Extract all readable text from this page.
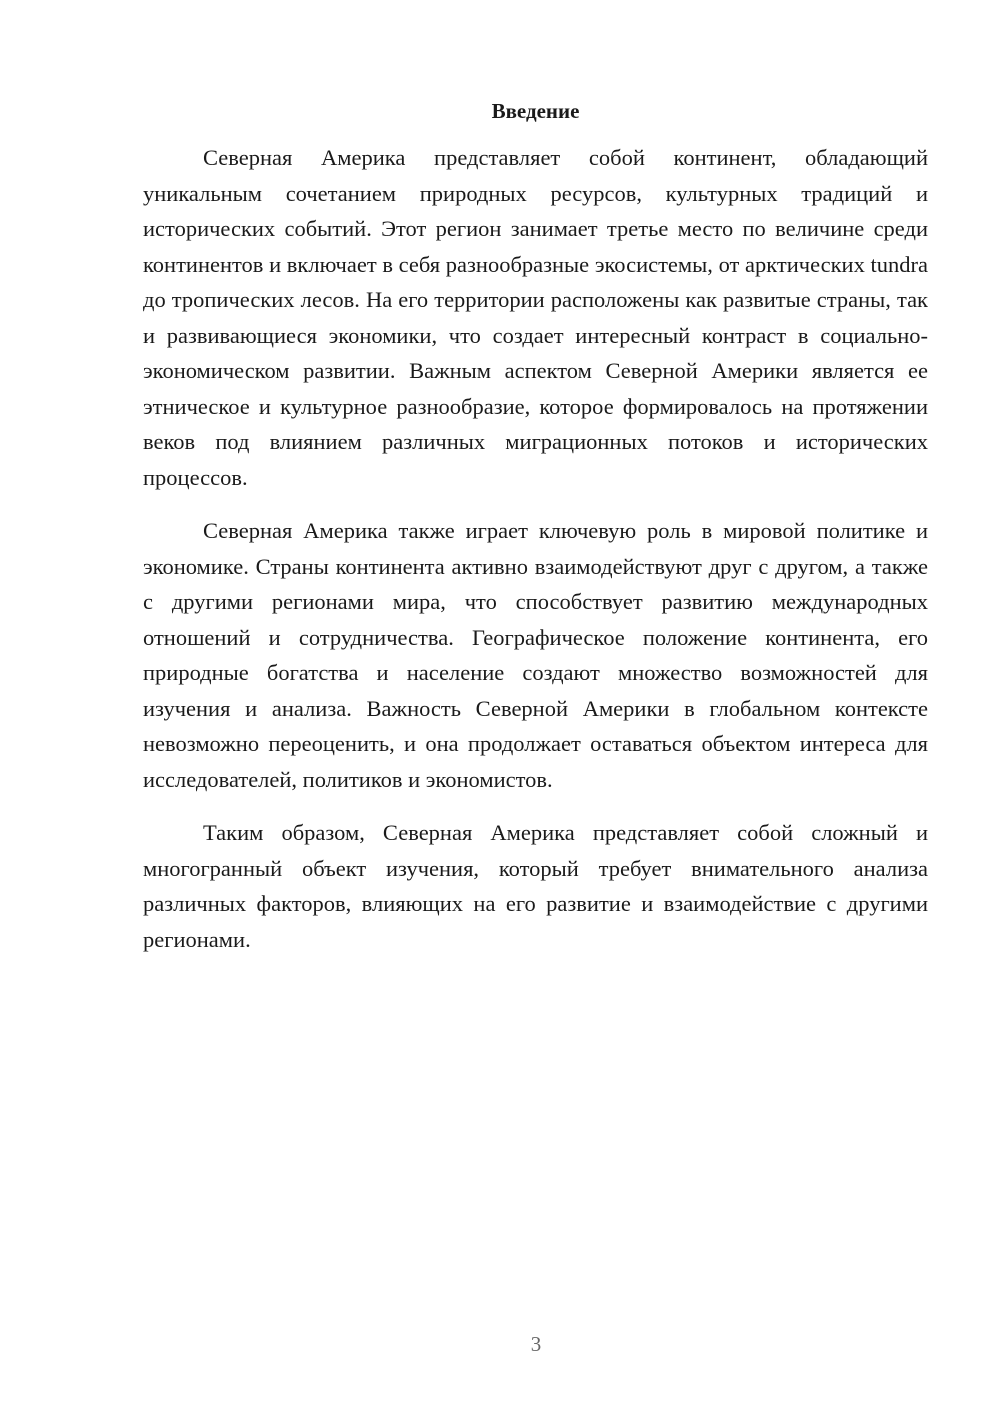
Введение

Северная Америка представляет собой континент, обладающий уникальным сочетанием природных ресурсов, культурных традиций и исторических событий. Этот регион занимает третье место по величине среди континентов и включает в себя разнообразные экосистемы, от арктических tundra до тропических лесов. На его территории расположены как развитые страны, так и развивающиеся экономики, что создает интересный контраст в социально-экономическом развитии. Важным аспектом Северной Америки является ее этническое и культурное разнообразие, которое формировалось на протяжении веков под влиянием различных миграционных потоков и исторических процессов.

Северная Америка также играет ключевую роль в мировой политике и экономике. Страны континента активно взаимодействуют друг с другом, а также с другими регионами мира, что способствует развитию международных отношений и сотрудничества. Географическое положение континента, его природные богатства и население создают множество возможностей для изучения и анализа. Важность Северной Америки в глобальном контексте невозможно переоценить, и она продолжает оставаться объектом интереса для исследователей, политиков и экономистов.

Таким образом, Северная Америка представляет собой сложный и многогранный объект изучения, который требует внимательного анализа различных факторов, влияющих на его развитие и взаимодействие с другими регионами.

3
